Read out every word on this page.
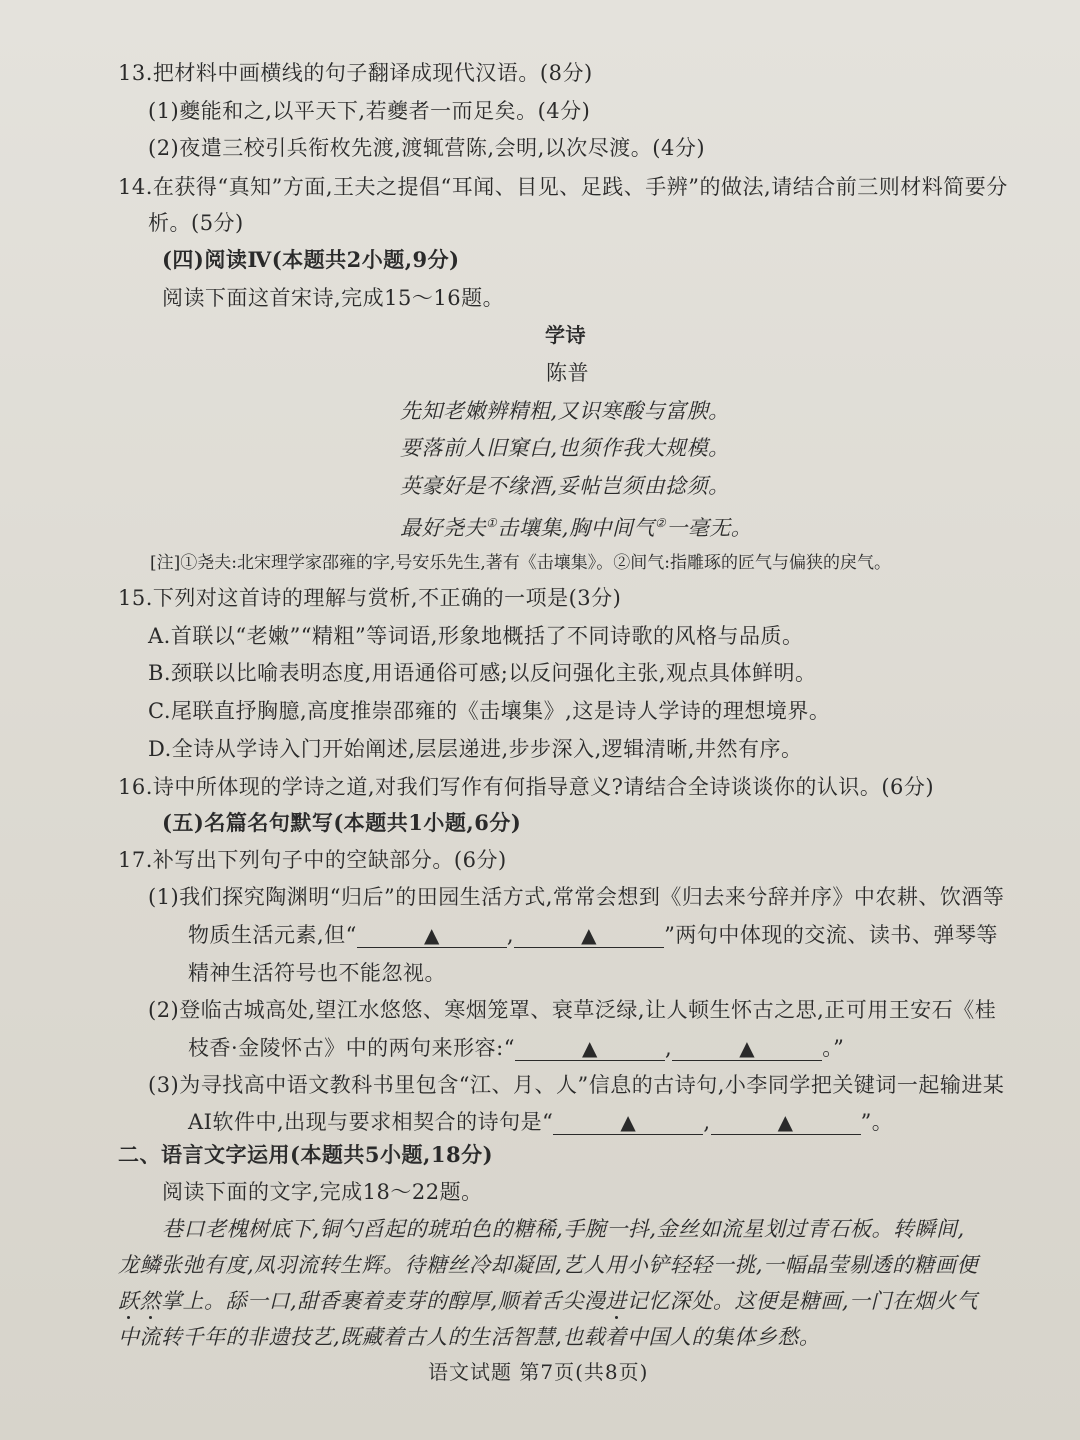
13.把材料中画横线的句子翻译成现代汉语。(8分)
(1)夔能和之,以平天下,若夔者一而足矣。(4分)
(2)夜遣三校引兵衔枚先渡,渡辄营陈,会明,以次尽渡。(4分)
14.在获得“真知”方面,王夫之提倡“耳闻、目见、足践、手辨”的做法,请结合前三则材料简要分
析。(5分)
(四)阅读Ⅳ(本题共2小题,9分)
阅读下面这首宋诗,完成15～16题。
学诗
陈普
先知老嫩辨精粗,又识寒酸与富腴。
要落前人旧窠白,也须作我大规模。
英豪好是不缘酒,妥帖岂须由捻须。
最好尧夫①击壤集,胸中间气②一毫无。
[注]①尧夫:北宋理学家邵雍的字,号安乐先生,著有《击壤集》。②间气:指雕琢的匠气与偏狭的戾气。
15.下列对这首诗的理解与赏析,不正确的一项是(3分)
A.首联以“老嫩”“精粗”等词语,形象地概括了不同诗歌的风格与品质。
B.颈联以比喻表明态度,用语通俗可感;以反问强化主张,观点具体鲜明。
C.尾联直抒胸臆,高度推崇邵雍的《击壤集》,这是诗人学诗的理想境界。
D.全诗从学诗入门开始阐述,层层递进,步步深入,逻辑清晰,井然有序。
16.诗中所体现的学诗之道,对我们写作有何指导意义?请结合全诗谈谈你的认识。(6分)
(五)名篇名句默写(本题共1小题,6分)
17.补写出下列句子中的空缺部分。(6分)
(1)我们探究陶渊明“归后”的田园生活方式,常常会想到《归去来兮辞并序》中农耕、饮酒等
物质生活元素,但“	▲	,	▲	”两句中体现的交流、读书、弹琴等
精神生活符号也不能忽视。
(2)登临古城高处,望江水悠悠、寒烟笼罩、衰草泛绿,让人顿生怀古之思,正可用王安石《桂
枝香·金陵怀古》中的两句来形容:“	▲	,	▲	。”
(3)为寻找高中语文教科书里包含“江、月、人”信息的古诗句,小李同学把关键词一起输进某
AI软件中,出现与要求相契合的诗句是“	▲	,	▲	”。
二、语言文字运用(本题共5小题,18分)
阅读下面的文字,完成18～22题。
巷口老槐树底下,铜勺舀起的琥珀色的糖稀,手腕一抖,金丝如流星划过青石板。转瞬间,
龙鳞张弛有度,凤羽流转生辉。待糖丝冷却凝固,艺人用小铲轻轻一挑,一幅晶莹剔透的糖画便
跃然掌上。舔一口,甜香裹着麦芽的醇厚,顺着舌尖漫进记忆深处。这便是糖画,一门在烟火气
中流转千年的非遗技艺,既藏着古人的生活智慧,也载着中国人的集体乡愁。
语文试题 第7页(共8页)
